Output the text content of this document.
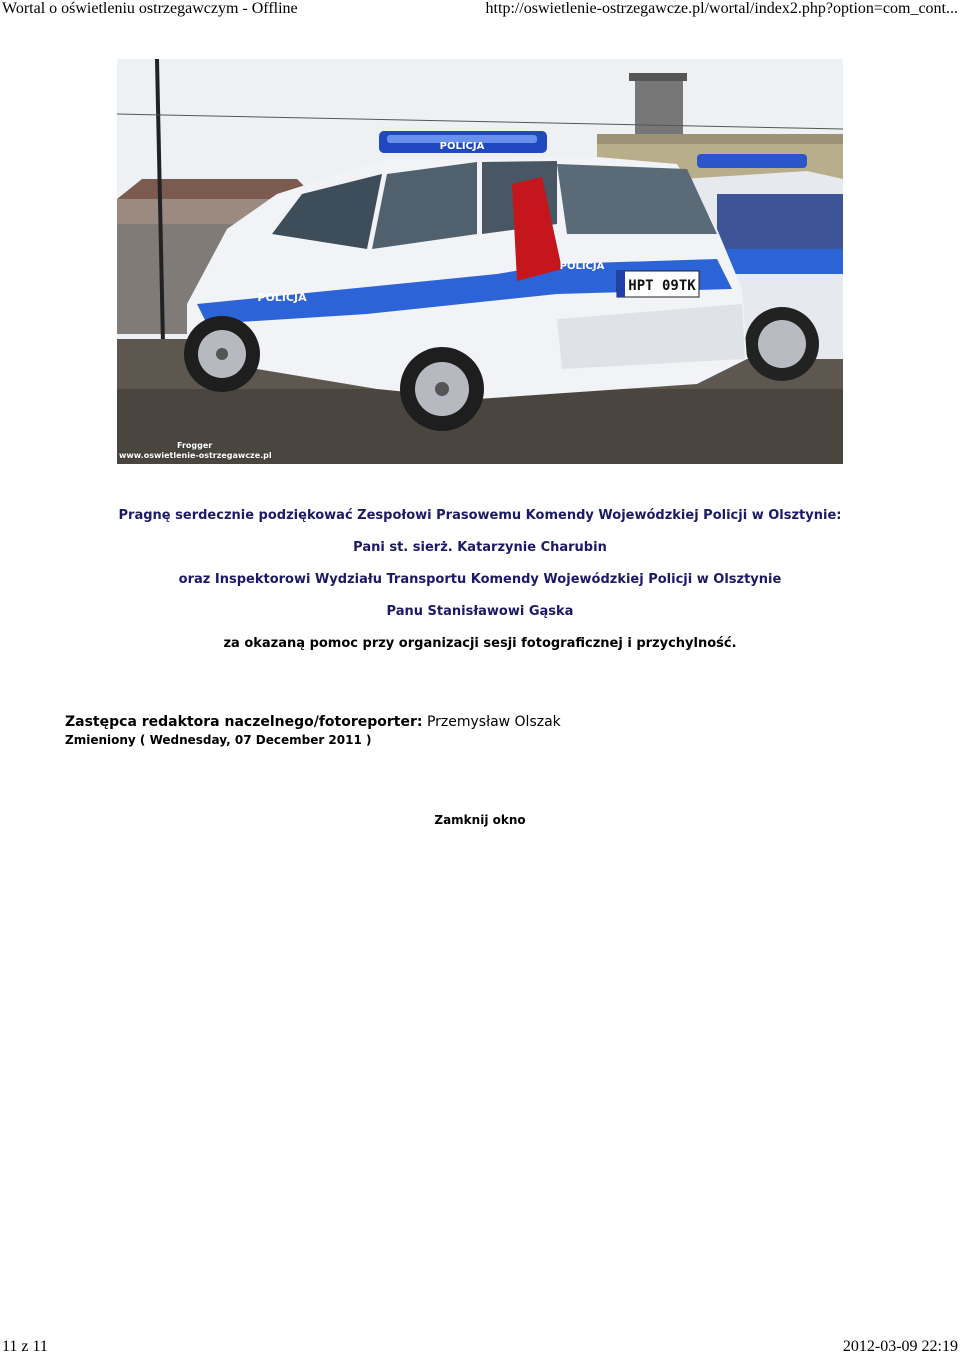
Wortal o oświetleniu ostrzegawczym - Offline	http://oswietlenie-ostrzegawcze.pl/wortal/index2.php?option=com_cont...
HPT 09TK
POLICJA
POLICJA
POLICJA
Frogger
www.oswietlenie-ostrzegawcze.pl

Pragnę serdecznie podziękować Zespołowi Prasowemu Komendy Wojewódzkiej Policji w Olsztynie:

Pani st. sierż. Katarzynie Charubin

oraz Inspektorowi Wydziału Transportu Komendy Wojewódzkiej Policji w Olsztynie

Panu Stanisławowi Gąska

za okazaną pomoc przy organizacji sesji fotograficznej i przychylność.

Zastępca redaktora naczelnego/fotoreporter: Przemysław Olszak
Zmieniony ( Wednesday, 07 December 2011 )
Zamknij okno
11 z 11	2012-03-09 22:19
